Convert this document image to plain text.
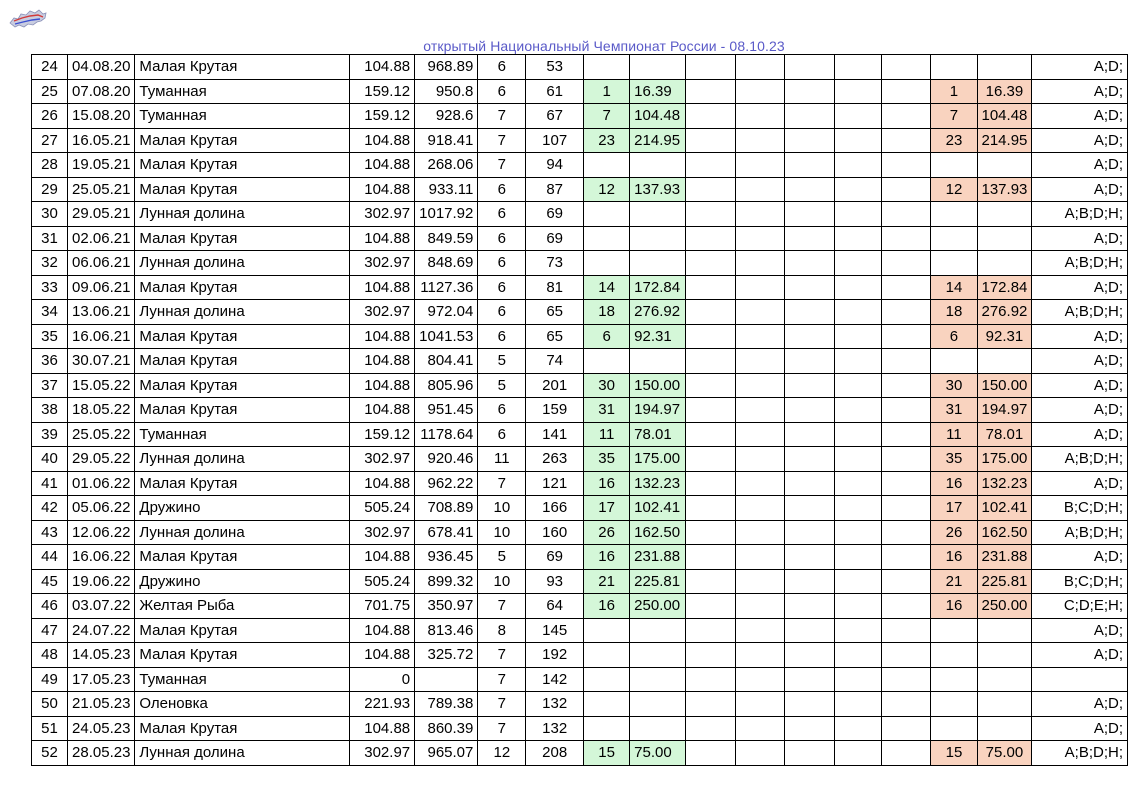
открытый Национальный Чемпионат России - 08.10.23
24	04.08.20	Малая Крутая	104.88	968.89	6	53										A;D;
25	07.08.20	Туманная	159.12	950.8	6	61	1	16.39						1	16.39	A;D;
26	15.08.20	Туманная	159.12	928.6	7	67	7	104.48						7	104.48	A;D;
27	16.05.21	Малая Крутая	104.88	918.41	7	107	23	214.95						23	214.95	A;D;
28	19.05.21	Малая Крутая	104.88	268.06	7	94										A;D;
29	25.05.21	Малая Крутая	104.88	933.11	6	87	12	137.93						12	137.93	A;D;
30	29.05.21	Лунная долина	302.97	1017.92	6	69										A;B;D;H;
31	02.06.21	Малая Крутая	104.88	849.59	6	69										A;D;
32	06.06.21	Лунная долина	302.97	848.69	6	73										A;B;D;H;
33	09.06.21	Малая Крутая	104.88	1127.36	6	81	14	172.84						14	172.84	A;D;
34	13.06.21	Лунная долина	302.97	972.04	6	65	18	276.92						18	276.92	A;B;D;H;
35	16.06.21	Малая Крутая	104.88	1041.53	6	65	6	92.31						6	92.31	A;D;
36	30.07.21	Малая Крутая	104.88	804.41	5	74										A;D;
37	15.05.22	Малая Крутая	104.88	805.96	5	201	30	150.00						30	150.00	A;D;
38	18.05.22	Малая Крутая	104.88	951.45	6	159	31	194.97						31	194.97	A;D;
39	25.05.22	Туманная	159.12	1178.64	6	141	11	78.01						11	78.01	A;D;
40	29.05.22	Лунная долина	302.97	920.46	11	263	35	175.00						35	175.00	A;B;D;H;
41	01.06.22	Малая Крутая	104.88	962.22	7	121	16	132.23						16	132.23	A;D;
42	05.06.22	Дружино	505.24	708.89	10	166	17	102.41						17	102.41	B;C;D;H;
43	12.06.22	Лунная долина	302.97	678.41	10	160	26	162.50						26	162.50	A;B;D;H;
44	16.06.22	Малая Крутая	104.88	936.45	5	69	16	231.88						16	231.88	A;D;
45	19.06.22	Дружино	505.24	899.32	10	93	21	225.81						21	225.81	B;C;D;H;
46	03.07.22	Желтая Рыба	701.75	350.97	7	64	16	250.00						16	250.00	C;D;E;H;
47	24.07.22	Малая Крутая	104.88	813.46	8	145										A;D;
48	14.05.23	Малая Крутая	104.88	325.72	7	192										A;D;
49	17.05.23	Туманная	0		7	142										
50	21.05.23	Оленовка	221.93	789.38	7	132										A;D;
51	24.05.23	Малая Крутая	104.88	860.39	7	132										A;D;
52	28.05.23	Лунная долина	302.97	965.07	12	208	15	75.00						15	75.00	A;B;D;H;
